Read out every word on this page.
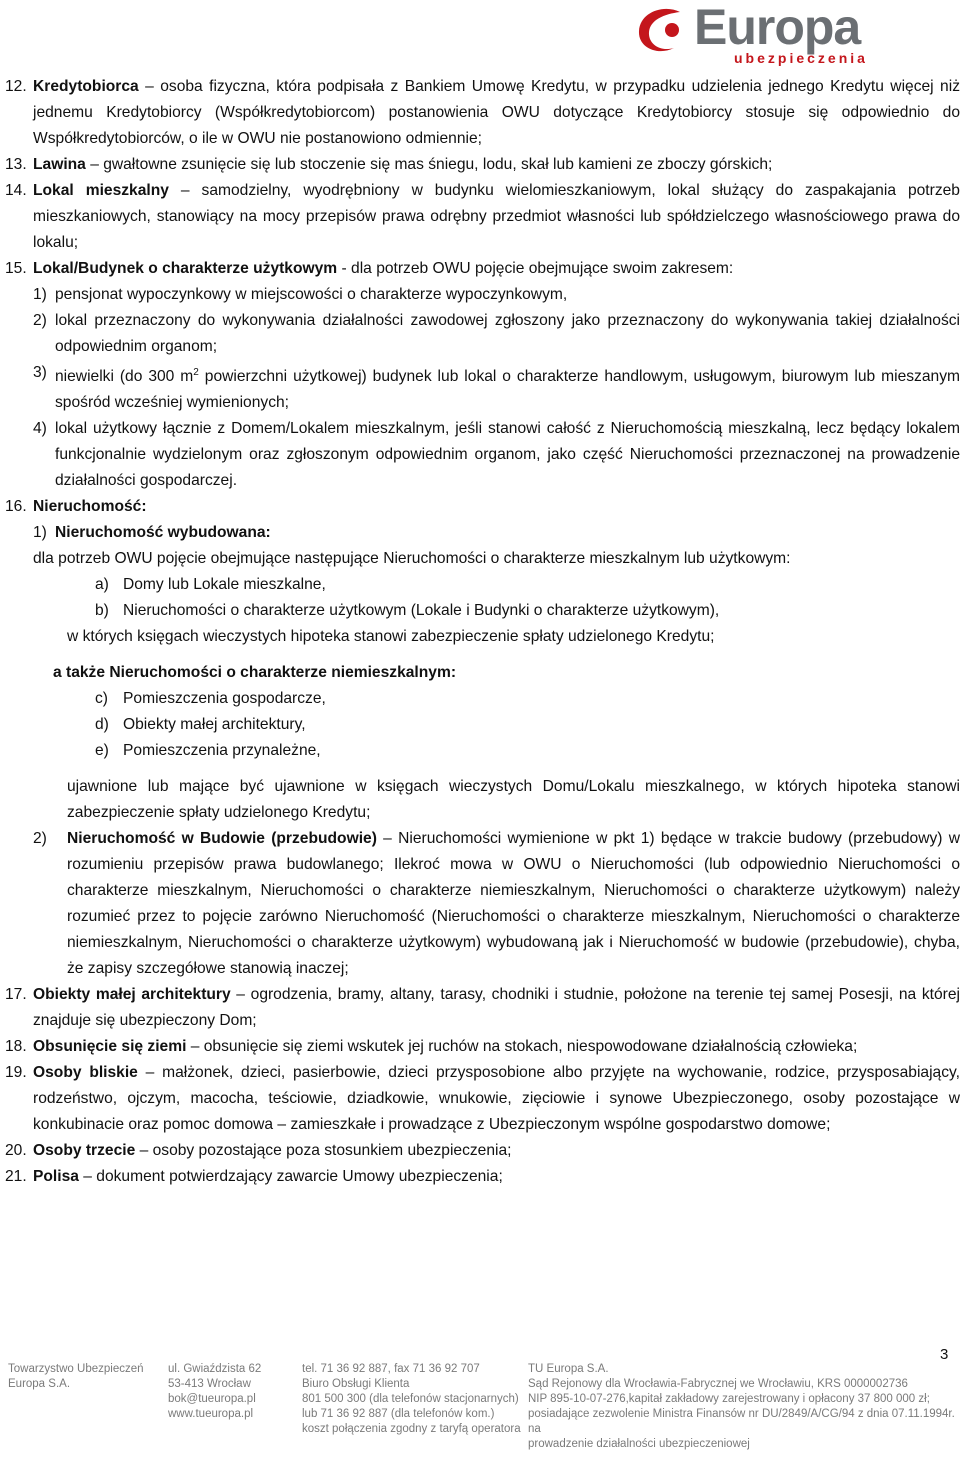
Europa
ubezpieczenia
12. Kredytobiorca – osoba fizyczna, która podpisała z Bankiem Umowę Kredytu, w przypadku udzielenia jednego Kredytu więcej niż jednemu Kredytobiorcy (Współkredytobiorcom) postanowienia OWU dotyczące Kredytobiorcy stosuje się odpowiednio do Współkredytobiorców, o ile w OWU nie postanowiono odmiennie;
13. Lawina – gwałtowne zsunięcie się lub stoczenie się mas śniegu, lodu, skał lub kamieni ze zboczy górskich;
14. Lokal mieszkalny – samodzielny, wyodrębniony w budynku wielomieszkaniowym, lokal służący do zaspakajania potrzeb mieszkaniowych, stanowiący na mocy przepisów prawa odrębny przedmiot własności lub spółdzielczego własnościowego prawa do lokalu;
15. Lokal/Budynek o charakterze użytkowym - dla potrzeb OWU pojęcie obejmujące swoim zakresem:
1) pensjonat wypoczynkowy w miejscowości o charakterze wypoczynkowym,
2) lokal przeznaczony do wykonywania działalności zawodowej zgłoszony jako przeznaczony do wykonywania takiej działalności odpowiednim organom;
3) niewielki (do 300 $m^2$ powierzchni użytkowej) budynek lub lokal o charakterze handlowym, usługowym, biurowym lub mieszanym spośród wcześniej wymienionych;
4) lokal użytkowy łącznie z Domem/Lokalem mieszkalnym, jeśli stanowi całość z Nieruchomością mieszkalną, lecz będący lokalem funkcjonalnie wydzielonym oraz zgłoszonym odpowiednim organom, jako część Nieruchomości przeznaczonej na prowadzenie działalności gospodarczej.
16. Nieruchomość:
1) Nieruchomość wybudowana:
dla potrzeb OWU pojęcie obejmujące następujące Nieruchomości o charakterze mieszkalnym lub użytkowym:
a) Domy lub Lokale mieszkalne,
b) Nieruchomości o charakterze użytkowym (Lokale i Budynki o charakterze użytkowym),
w których księgach wieczystych hipoteka stanowi zabezpieczenie spłaty udzielonego Kredytu;
a także Nieruchomości o charakterze niemieszkalnym:
c) Pomieszczenia gospodarcze,
d) Obiekty małej architektury,
e) Pomieszczenia przynależne,
ujawnione lub mające być ujawnione w księgach wieczystych Domu/Lokalu mieszkalnego, w których hipoteka stanowi zabezpieczenie spłaty udzielonego Kredytu;
2)	Nieruchomość w Budowie (przebudowie) – Nieruchomości wymienione w pkt 1) będące w trakcie budowy (przebudowy) w rozumieniu przepisów prawa budowlanego; Ilekroć mowa w OWU o Nieruchomości (lub odpowiednio Nieruchomości o charakterze mieszkalnym, Nieruchomości o charakterze niemieszkalnym, Nieruchomości o charakterze użytkowym) należy rozumieć przez to pojęcie zarówno Nieruchomość (Nieruchomości o charakterze mieszkalnym, Nieruchomości o charakterze niemieszkalnym, Nieruchomości o charakterze użytkowym) wybudowaną jak i Nieruchomość w budowie (przebudowie), chyba, że zapisy szczegółowe stanowią inaczej;
17. Obiekty małej architektury – ogrodzenia, bramy, altany, tarasy, chodniki i studnie, położone na terenie tej samej Posesji, na której znajduje się ubezpieczony Dom;
18. Obsunięcie się ziemi – obsunięcie się ziemi wskutek jej ruchów na stokach, niespowodowane działalnością człowieka;
19. Osoby bliskie – małżonek, dzieci, pasierbowie, dzieci przysposobione albo przyjęte na wychowanie, rodzice, przysposabiający, rodzeństwo, ojczym, macocha, teściowie, dziadkowie, wnukowie, zięciowie i synowe Ubezpieczonego, osoby pozostające w konkubinacie oraz pomoc domowa – zamieszkałe i prowadzące z Ubezpieczonym wspólne gospodarstwo domowe;
20. Osoby trzecie – osoby pozostające poza stosunkiem ubezpieczenia;
21. Polisa – dokument potwierdzający zawarcie Umowy ubezpieczenia;
3
Towarzystwo Ubezpieczeń
Europa S.A.
ul. Gwiaździsta 62
53-413 Wrocław
bok@tueuropa.pl
www.tueuropa.pl
tel. 71 36 92 887, fax 71 36 92 707
Biuro Obsługi Klienta
801 500 300 (dla telefonów stacjonarnych)
lub 71 36 92 887 (dla telefonów kom.)
koszt połączenia zgodny z taryfą operatora
TU Europa S.A.
Sąd Rejonowy dla Wrocławia-Fabrycznej we Wrocławiu, KRS 0000002736
NIP 895-10-07-276,kapitał zakładowy zarejestrowany i opłacony 37 800 000 zł;
posiadające zezwolenie Ministra Finansów nr DU/2849/A/CG/94 z dnia 07.11.1994r. na
prowadzenie działalności ubezpieczeniowej
